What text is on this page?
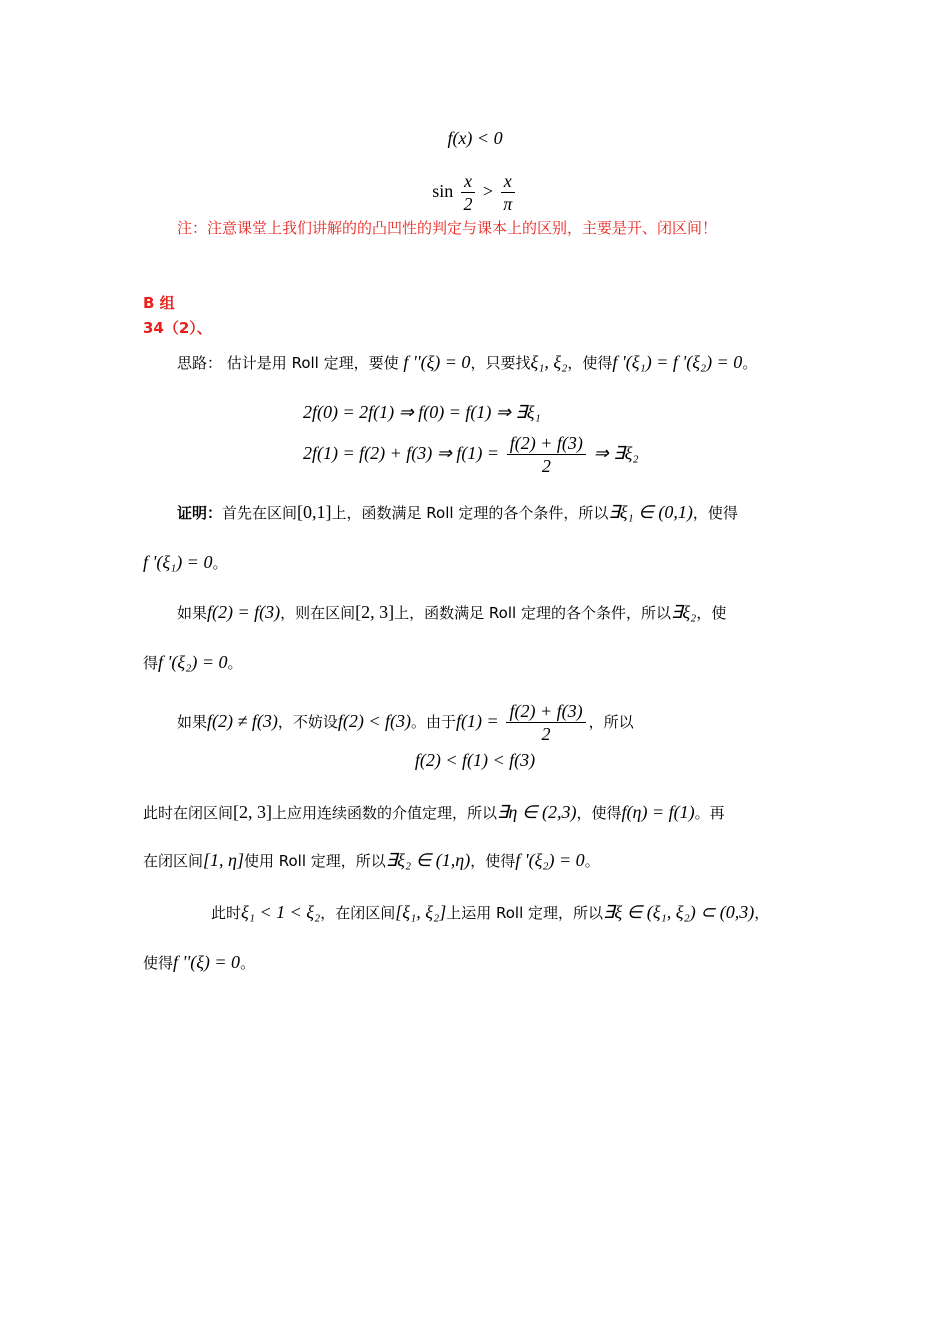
f(x) < 0
$\sin \frac{x}{2} > \frac{x}{\pi}$
注：注意课堂上我们讲解的的凸凹性的判定与课本上的区别，主要是开、闭区间！
B 组
34（2）、
思路： 估计是用 Roll 定理，要使 f ''(ξ) = 0，只要找ξ₁, ξ₂，使得f '(ξ₁) = f '(ξ₂) = 0。
2f(0) = 2f(1) ⇒ f(0) = f(1) ⇒ ∃ξ₁
2f(1) = f(2) + f(3) ⇒ $f(1) = \frac{f(2) + f(3)}{2}$ ⇒ ∃ξ₂
证明：首先在区间[0,1]上，函数满足 Roll 定理的各个条件，所以∃ξ₁ ∈ (0,1)，使得
f '(ξ₁) = 0。
如果f(2) = f(3)，则在区间[2, 3]上，函数满足 Roll 定理的各个条件，所以∃ξ₂，使
得f '(ξ₂) = 0。
如果f(2) ≠ f(3)，不妨设f(2) < f(3)。由于$f(1) = \frac{f(2) + f(3)}{2}$ ，所以
f(2) < f(1) < f(3)
此时在闭区间[2, 3]上应用连续函数的介值定理，所以∃η ∈ (2,3)，使得f(η) = f(1)。再
在闭区间[1, η]使用 Roll 定理，所以∃ξ₂ ∈ (1,η)，使得f '(ξ₂) = 0。
此时ξ₁ < 1 < ξ₂，在闭区间[ξ₁, ξ₂]上运用 Roll 定理，所以∃ξ ∈ (ξ₁, ξ₂) ⊂ (0,3)，
使得f ''(ξ) = 0。
